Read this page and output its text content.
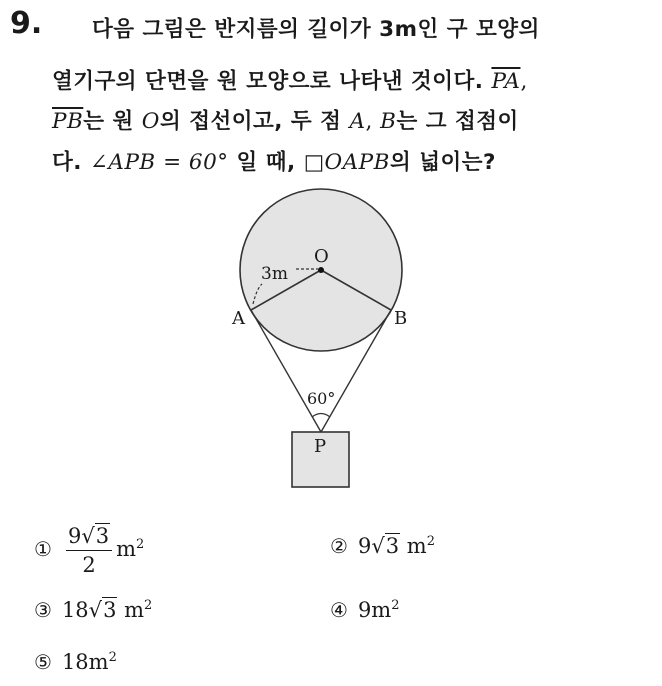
9. 다음 그림은 반지름의 길이가 3m인 구 모양의
열기구의 단면을 원 모양으로 나타낸 것이다. $\overline{PA}$,
$\overline{PB}$는 원 O의 접선이고, 두 점 A, B는 그 접점이
다. ∠APB = 60° 일 때, □OAPB의 넓이는?
O
A	B
P
3m
60°
① $\frac{9√3}{2} m^2$	② 9√3 $m^2$
③ 18√3 $m^2$	④ $9m^2$
⑤ $18m^2$
